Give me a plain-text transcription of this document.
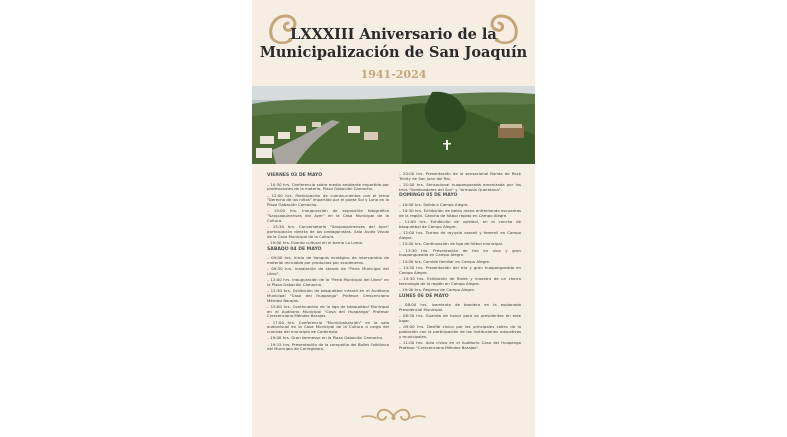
LXXXIII Aniversario de la
Municipalización de San Joaquín
1941-2024
VIERNES 03 DE MAYO
– 10:30 hrs. Conferencia sobre medio ambiente impartida por profesionales de la materia. Plaza Gabación Camacho.
– 12:00 hrs. Participación de cuenta-cuentos con el tema "Derecho de los niños" impartido por el poeta Sol y Luna en la Plaza Gabación Camacho.
– 15:00 hrs. Inauguración de exposición fotográfica "Sanjoaquinenses del Ayer" en la Casa Municipal de la Cultura.
– 15:30 hrs. Conversatorio "Sanjoaquinenses del Ayer" participación directa de los protagonistas. Sala Audio Visual de la Casa Municipal de la Cultura.
– 19:00 hrs. Evento cultural en el barrio La Loma.
SABADO 04 DE MAYO
– 09:00 hrs. Inicio de tianguis ecológico de intercambio de material reciclable por productos por ecodeneros.
– 09:30 hrs. Instalación de stands de "Feria Municipal del Libro".
– 12:00 hrs. Inauguración de la "Feria Municipal del Libro" en la Plaza Gabación Camacho.
– 12:30 hrs. Exhibición de básquetbol infantil en el Auditorio Municipal "Casa del Huapango" Profesor Crescenciano Méndez Barajas.
– 15:00 hrs. Continuación de la liga de básquetbol Municipal en el Auditorio Municipal "Casa del Huapango" Profesor Crescenciano Méndez Barajas.
– 17:00 hrs. Conferencia "Municipalización" en la sala audiovisual en la Casa Municipal de la Cultura a cargo del cronista del municipio de Cadereyta.
– 19:00 hrs. Gran kermesse en la Plaza Gabación Camacho.
– 19:15 hrs. Presentación de la compañía del Ballet Folklórico del Municipio de Corregidora.
– 20:00 hrs. Presentación de la sensacional Banda de Rock Trinity de San Juan del Río.
– 21:00 hrs. Sensacional huapangueada amenizada por los tríos "Sembradores del Son" y "Armonía Queretana".
DOMINGO 05 DE MAYO
– 10:00 hrs. Salida a Campo Alegre.
– 10:30 hrs. Exhibición de balón mano enfrentando escuadras de la región. Cancha de fútbol rápido en Campo Alegre.
– 11:00 hrs. Exhibición de voleibol, en la cancha de básquetbol de Campo Alegre.
– 12:00 hrs. Torneo de rayuela varonil y femenil en Campo Alegre.
– 13:00 hrs. Continuación de liga de fútbol municipal.
– 13:30 hrs. Presentación de trío en vivo y gran huapangueada en Campo Alegre.
– 14:00 hrs. Comida familiar en Campo Alegre.
– 14:30 hrs. Presentación del trío y gran huapangueada en Campo Alegre.
– 15:30 hrs. Exhibición de flores y muestra de un chorro tecnología de la región en Campo Alegre.
– 19:00 hrs. Regreso de Campo Alegre.
LUNES 06 DE MAYO
– 08:00 hrs. Izamiento de bandera en la explanada Presidencial Municipal.
– 08:30 hrs. Guardia de honor para ex presidentes en este lugar.
– 09:00 hrs. Desfile cívico por las principales calles de la población con la participación de las instituciones educativas y municipales.
– 11:00 hrs. Acto cívico en el Auditorio Casa del Huapango Profesor "Crescenciano Méndez Barajas".
